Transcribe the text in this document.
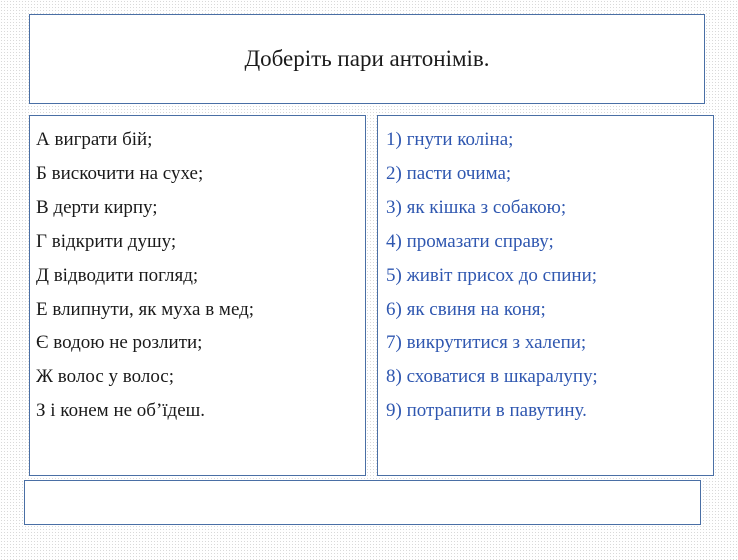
Доберіть пари антонімів.
А виграти бій;
Б вискочити на сухе;
В дерти кирпу;
Г відкрити душу;
Д відводити погляд;
Е влипнути, як муха в мед;
Є водою не розлити;
Ж волос у волос;
З і конем не об’їдеш.
1) гнути коліна;
2) пасти очима;
3) як кішка з собакою;
4) промазати справу;
5) живіт присох до спини;
6) як свиня на коня;
7) викрутитися з халепи;
8) сховатися в шкаралупу;
9) потрапити в павутину.
